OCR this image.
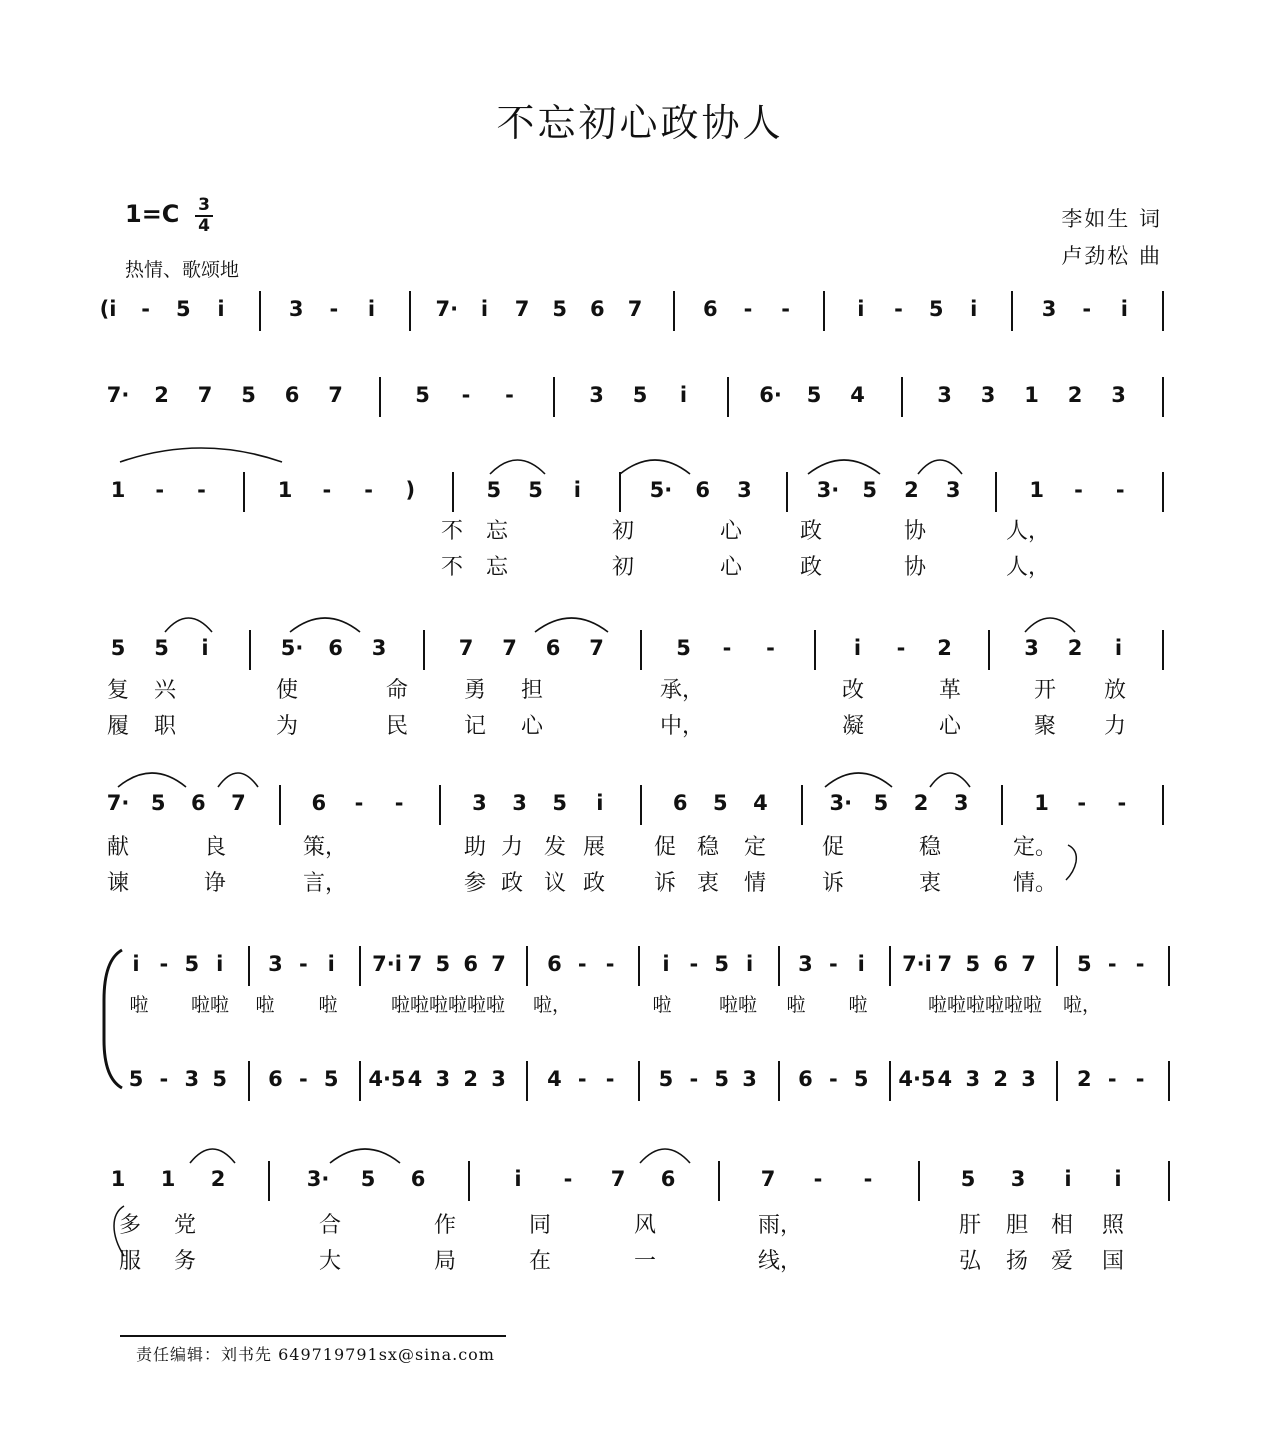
不忘初心政协人
1=C 3
4
热情、歌颂地
李如生 词
卢劲松 曲
(i - 5 i	3 - i	7· i 7 5 6 7	6 - -	i - 5 i	3 - i
7· 2 7 5 6 7	5 - -	3 5 i	6· 5 4	3 3 1 2 3
1 - -	1 - - )	5 5 i	5· 6 3	3· 5 2 3	1 - -
5 5 i	5· 6 3	7 7 6 7	5 - -	i - 2	3 2 i
7· 5 6 7	6 - -	3 3 5 i	6 5 4	3· 5 2 3	1 - -
i - 5 i 3 - i 7·i 7 5 6 7 6 - - i - 5 i 3 - i 7·i 7 5 6 7 5 - -
5 - 3 5 6 - 5 4·5 4 3 2 3 4 - - 5 - 5 3 6 - 5 4·5 4 3 2 3 2 - -
1 1 2	3· 5 6	i - 7 6	7 - -	5 3 i i
不 忘	初	心	政	协	人，
不 忘	初	心	政	协	人，
复 兴	使	命	勇 担	承，	改	革	开 放
履 职	为	民	记 心	中，	凝	心	聚 力
献	良	策，	助 力 发 展 促 稳 定	促	稳	定。
谏	诤	言，	参 政 议 政 诉 衷 情	诉	衷	情。
啦 啦啦 啦 啦	啦啦啦啦啦啦 啦，	啦 啦啦 啦 啦	啦啦啦啦啦啦 啦，
多 党	合	作	同	风	雨，	肝 胆 相 照
服 务	大	局	在	一	线，	弘 扬 爱 国
责任编辑：刘书先 649719791sx@sina.com
